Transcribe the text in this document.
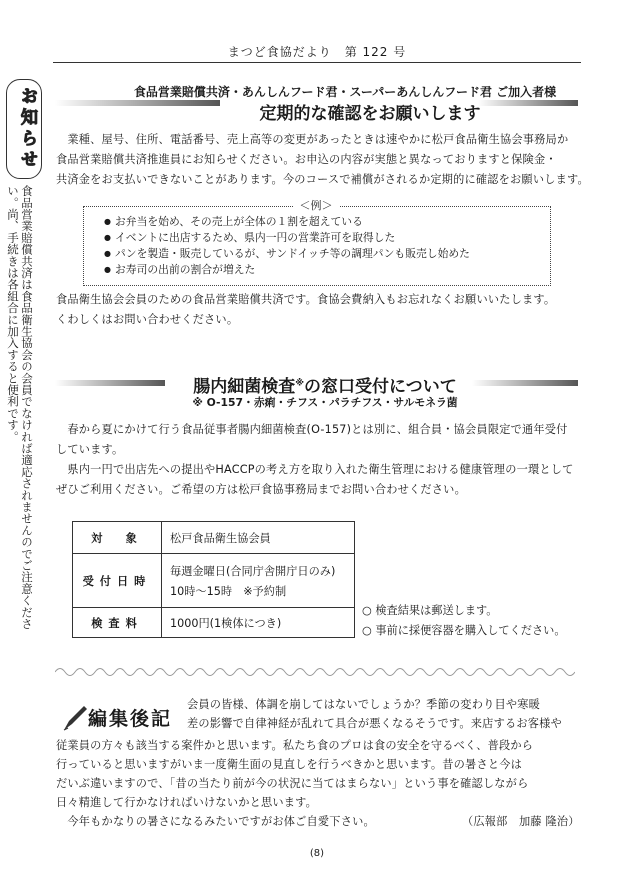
まつど食協だより　第 122 号
お知らせ
食品営業賠償共済は食品衛生協会の会員でなければ適応されませんのでご注意ください。尚、手続きは各組合に加入すると便利です。
食品営業賠償共済・あんしんフード君・スーパーあんしんフード君 ご加入者様
定期的な確認をお願いします
　業種、屋号、住所、電話番号、売上高等の変更があったときは速やかに松戸食品衛生協会事務局か
食品営業賠償共済推進員にお知らせください。お申込の内容が実態と異なっておりますと保険金・
共済金をお支払いできないことがあります。今のコースで補償がされるか定期的に確認をお願いします。
＜例＞
● お弁当を始め、その売上が全体の１割を超えている
● イベントに出店するため、県内一円の営業許可を取得した
● パンを製造・販売しているが、サンドイッチ等の調理パンも販売し始めた
● お寿司の出前の割合が増えた
食品衛生協会会員のための食品営業賠償共済です。食協会費納入もお忘れなくお願いいたします。
くわしくはお問い合わせください。
腸内細菌検査※の窓口受付について
※ O-157・赤痢・チフス・パラチフス・サルモネラ菌
　春から夏にかけて行う食品従事者腸内細菌検査(O-157)とは別に、組合員・協会員限定で通年受付
しています。
　県内一円で出店先への提出やHACCPの考え方を取り入れた衛生管理における健康管理の一環として
ぜひご利用ください。ご希望の方は松戸食協事務局までお問い合わせください。
対　象	松戸食品衛生協会員
受付日時	毎週金曜日(合同庁舎開庁日のみ)
10時〜15時　※予約制

検査料	1000円(1検体につき)
○ 検査結果は郵送します。
○ 事前に採便容器を購入してください。
編集後記
会員の皆様、体調を崩してはないでしょうか？季節の変わり目や寒暖
差の影響で自律神経が乱れて具合が悪くなるそうです。来店するお客様や
従業員の方々も該当する案件かと思います。私たち食のプロは食の安全を守るべく、普段から
行っていると思いますがいま一度衛生面の見直しを行うべきかと思います。昔の暑さと今は
だいぶ違いますので、「昔の当たり前が今の状況に当てはまらない」という事を確認しながら
日々精進して行かなければいけないかと思います。
　今年もかなりの暑さになるみたいですがお体ご自愛下さい。	（広報部　加藤 隆治）
(8)
